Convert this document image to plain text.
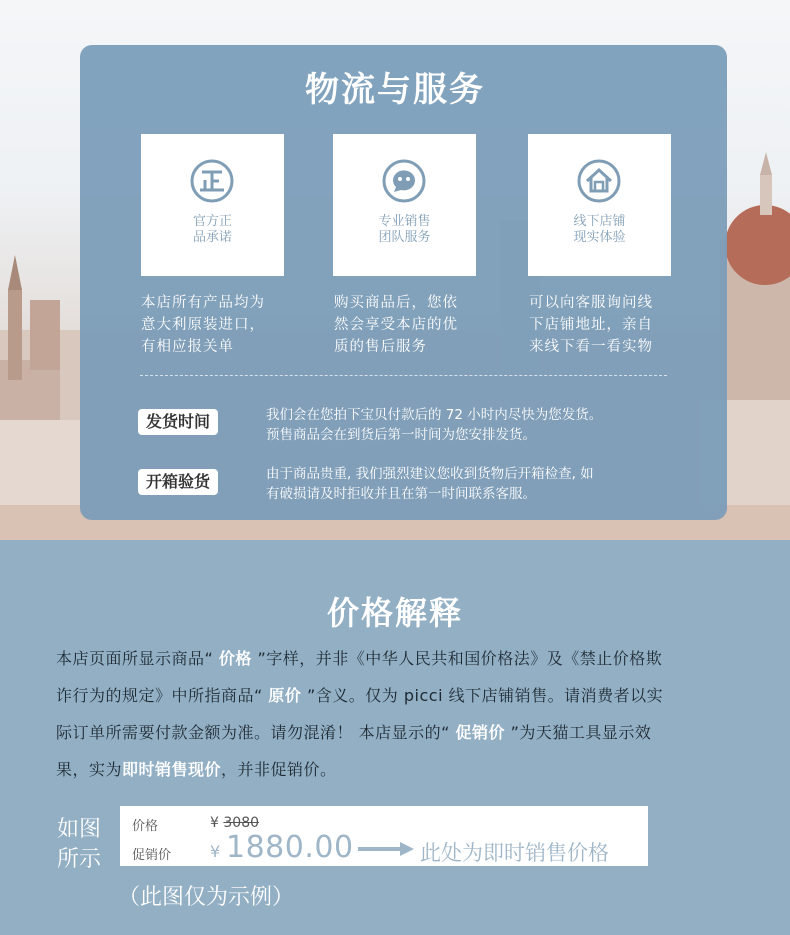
物流与服务
官方正
品承诺
专业销售
团队服务
线下店铺
现实体验
本店所有产品均为
意大利原装进口，
有相应报关单
购买商品后，您依
然会享受本店的优
质的售后服务
可以向客服询问线
下店铺地址，亲自
来线下看一看实物
发货时间	我们会在您拍下宝贝付款后的 72 小时内尽快为您发货。
预售商品会在到货后第一时间为您安排发货。
开箱验货	由于商品贵重, 我们强烈建议您收到货物后开箱检查, 如
有破损请及时拒收并且在第一时间联系客服。
价格解释
本店页面所显示商品“ 价格 ”字样，并非《中华人民共和国价格法》及《禁止价格欺
诈行为的规定》中所指商品“ 原价 ”含义。仅为 picci 线下店铺销售。请消费者以实
际订单所需要付款金额为准。请勿混淆！ 本店显示的“ 促销价 ”为天猫工具显示效
果，实为即时销售现价，并非促销价。
如图
所示
价格	¥ 3080
促销价 ¥ 1880.00	此处为即时销售价格
（此图仅为示例）
